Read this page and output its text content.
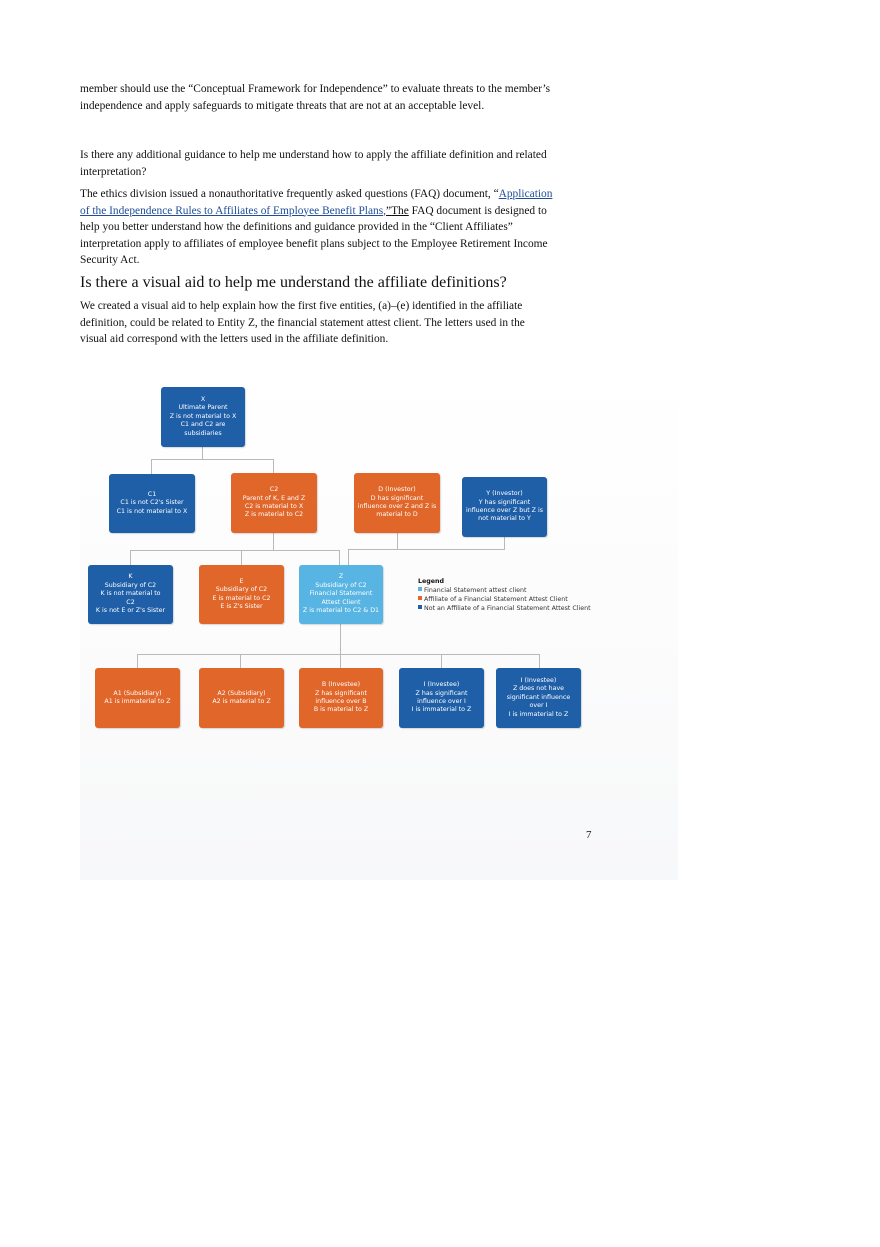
member should use the “Conceptual Framework for Independence” to evaluate threats to the member’s independence and apply safeguards to mitigate threats that are not at an acceptable level.

Is there any additional guidance to help me understand how to apply the affiliate definition and related interpretation?

The ethics division issued a nonauthoritative frequently asked questions (FAQ) document, “Application of the Independence Rules to Affiliates of Employee Benefit Plans,”The FAQ document is designed to help you better understand how the definitions and guidance provided in the “Client Affiliates” interpretation apply to affiliates of employee benefit plans subject to the Employee Retirement Income Security Act.

Is there a visual aid to help me understand the affiliate definitions?

We created a visual aid to help explain how the first five entities, (a)–(e) identified in the affiliate definition, could be related to Entity Z, the financial statement attest client. The letters used in the visual aid correspond with the letters used in the affiliate definition.

X
Ultimate Parent
Z is not material to X
C1 and C2 are
subsidiaries
C1
C1 is not C2's Sister
C1 is not material to X
C2
Parent of K, E and Z
C2 is material to X
Z is material to C2
D (Investor)
D has significant
influence over Z and Z is
material to D
Y (Investor)
Y has significant
influence over Z but Z is
not material to Y
K
Subsidiary of C2
K is not material to
C2
K is not E or Z's Sister
E
Subsidiary of C2
E is material to C2
E is Z's Sister
Z
Subsidiary of C2
Financial Statement
Attest Client
Z is material to C2 & D1
A1 (Subsidiary)
A1 is immaterial to Z
A2 (Subsidiary)
A2 is material to Z
B (Investee)
Z has significant
influence over B
B is material to Z
I (Investee)
Z has significant
influence over I
I is immaterial to Z
I (Investee)
Z does not have
significant influence
over I
I is immaterial to Z
Legend
Financial Statement attest client
Affiliate of a Financial Statement Attest Client
Not an Affiliate of a Financial Statement Attest Client
7
